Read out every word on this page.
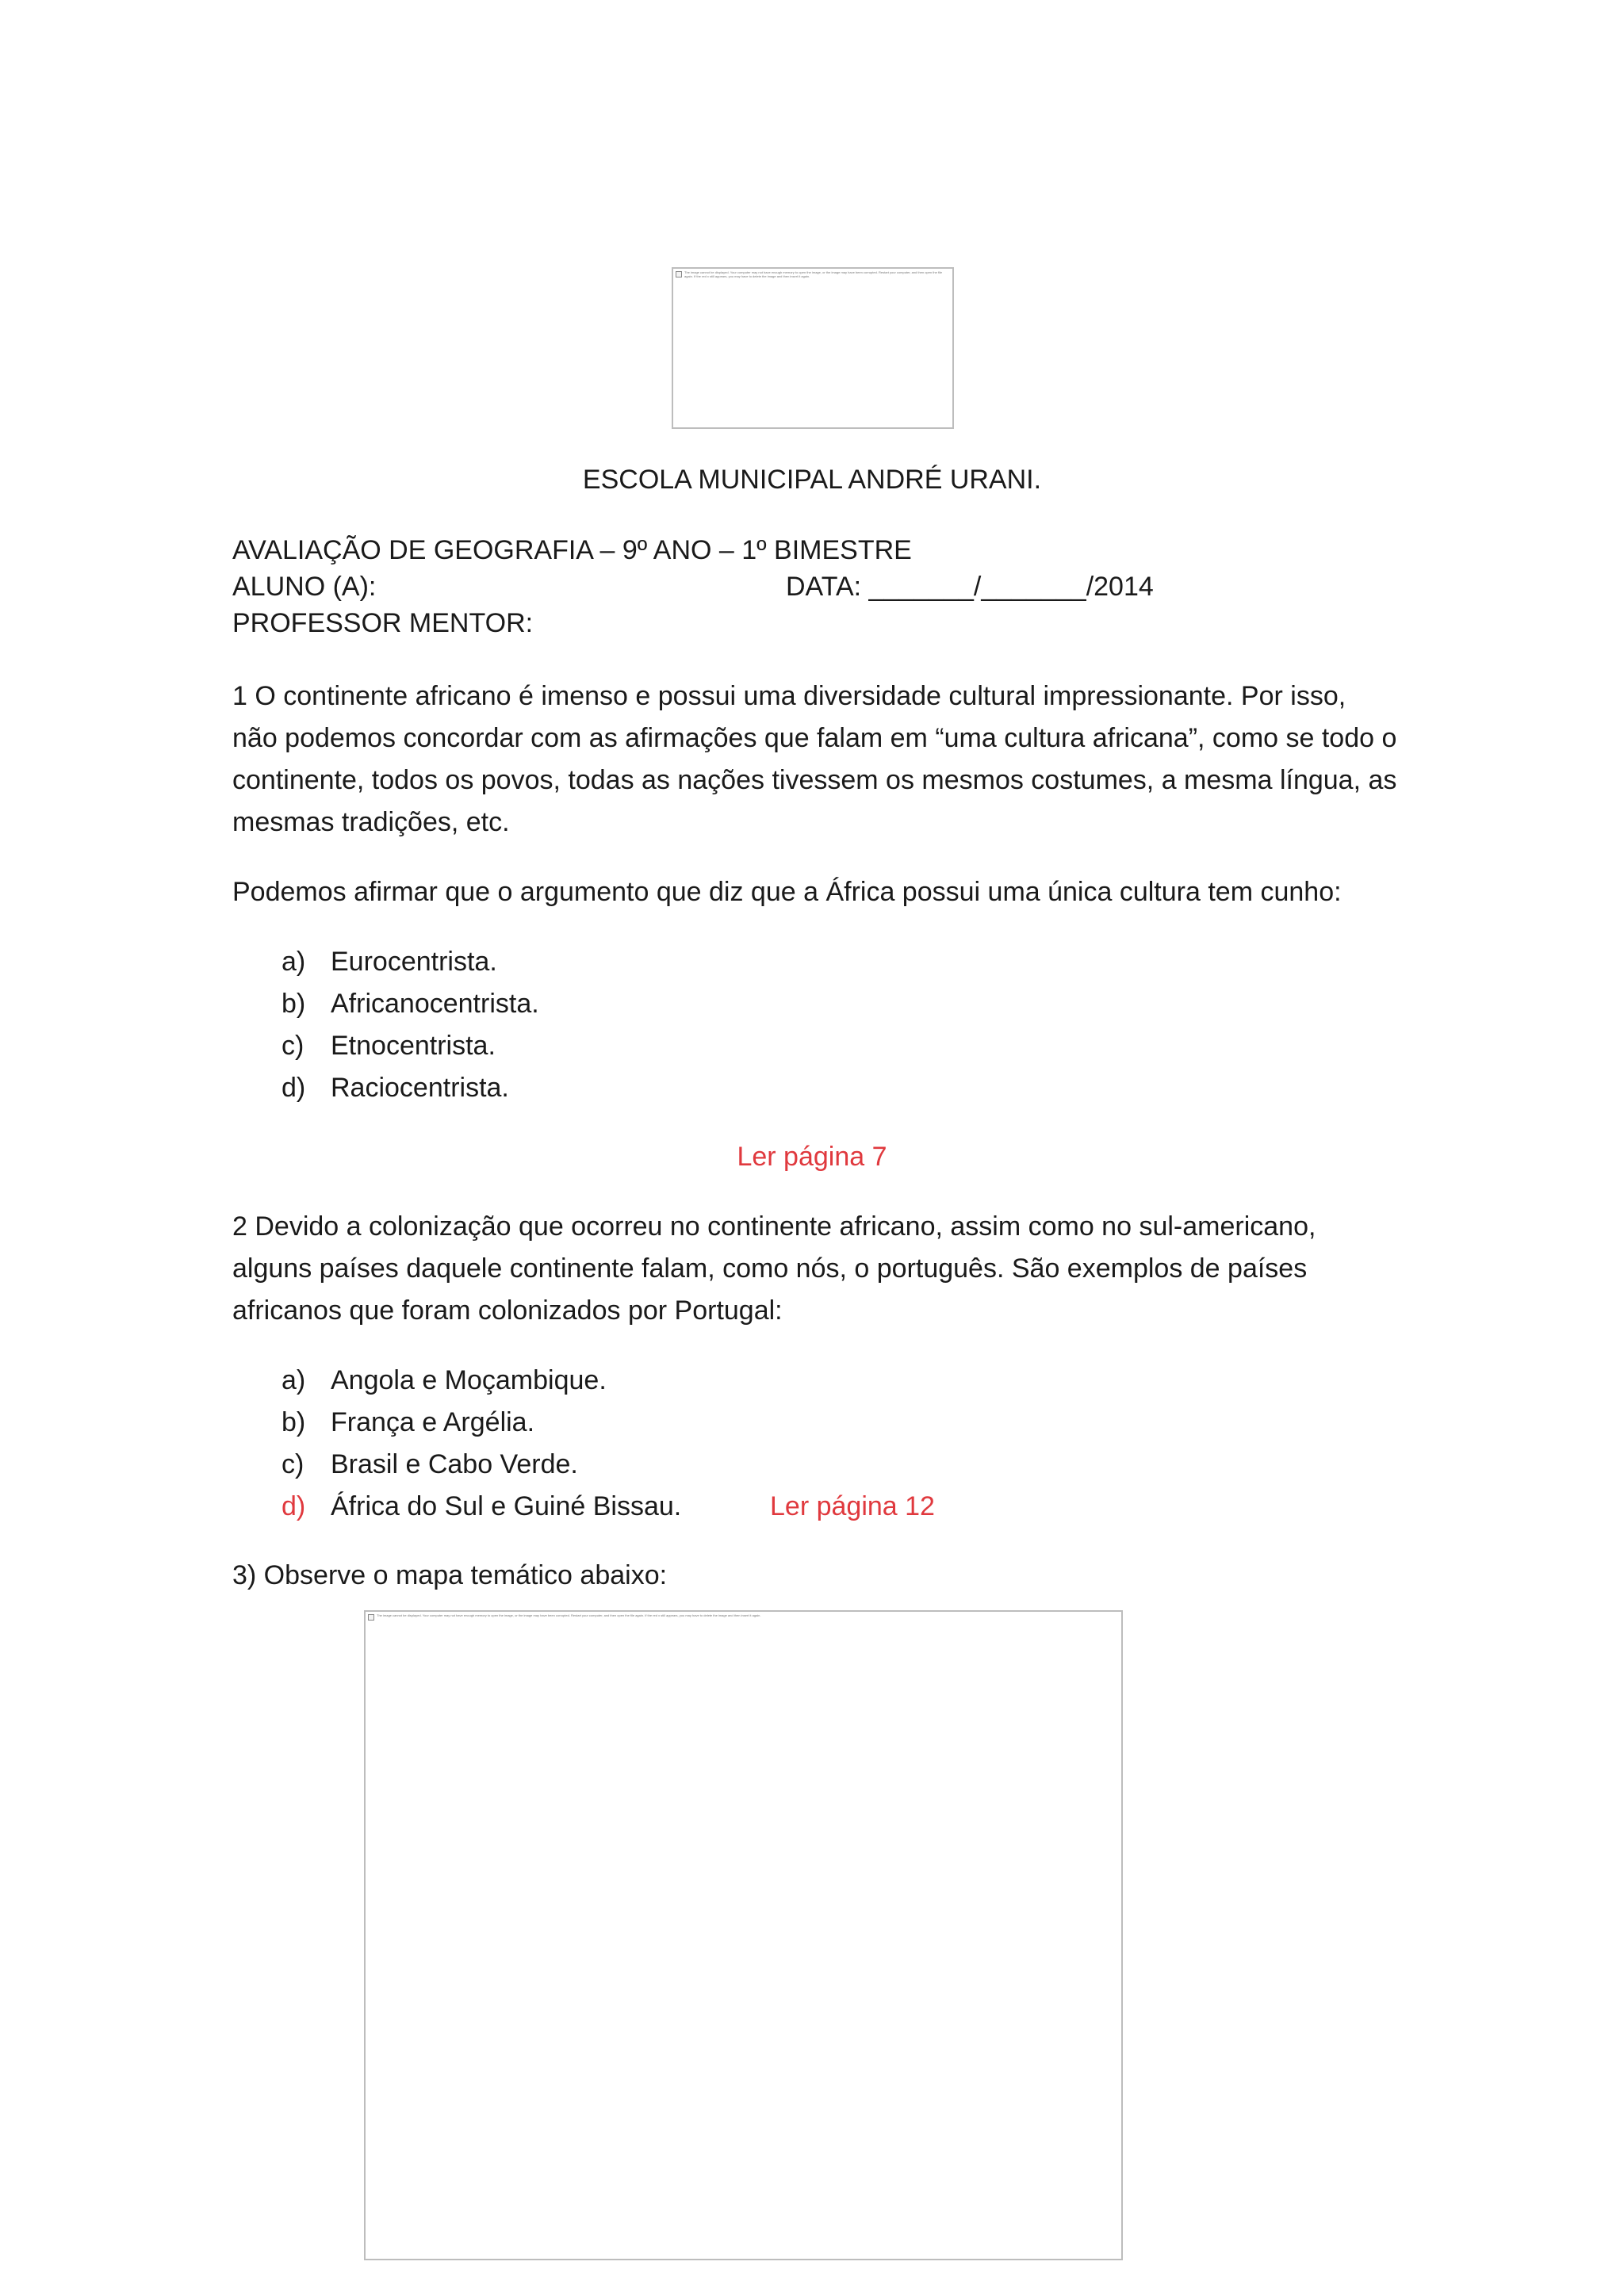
The image cannot be displayed. Your computer may not have enough memory to open the image, or the image may have been corrupted. Restart your computer, and then open the file again. If the red x still appears, you may have to delete the image and then insert it again.
ESCOLA MUNICIPAL ANDRÉ URANI.
AVALIAÇÃO DE GEOGRAFIA – 9º ANO – 1º BIMESTRE
ALUNO (A):	DATA: _______/_______/2014
PROFESSOR MENTOR:
1 O continente africano é imenso e possui uma diversidade cultural impressionante. Por isso, não podemos concordar com as afirmações que falam em “uma cultura africana”, como se todo o continente, todos os povos, todas as nações tivessem os mesmos costumes, a mesma língua, as mesmas tradições, etc.
Podemos afirmar que o argumento que diz que a África possui uma única cultura tem cunho:
a) Eurocentrista.
b) Africanocentrista.
c) Etnocentrista.
d) Raciocentrista.
Ler página 7
2 Devido a colonização que ocorreu no continente africano, assim como no sul-americano, alguns países daquele continente falam, como nós, o português. São exemplos de países africanos que foram colonizados por Portugal:
a) Angola e Moçambique.
b) França e Argélia.
c) Brasil e Cabo Verde.
d) África do Sul e Guiné Bissau.	Ler página 12
3) Observe o mapa temático abaixo:
The image cannot be displayed. Your computer may not have enough memory to open the image, or the image may have been corrupted. Restart your computer, and then open the file again. If the red x still appears, you may have to delete the image and then insert it again.
